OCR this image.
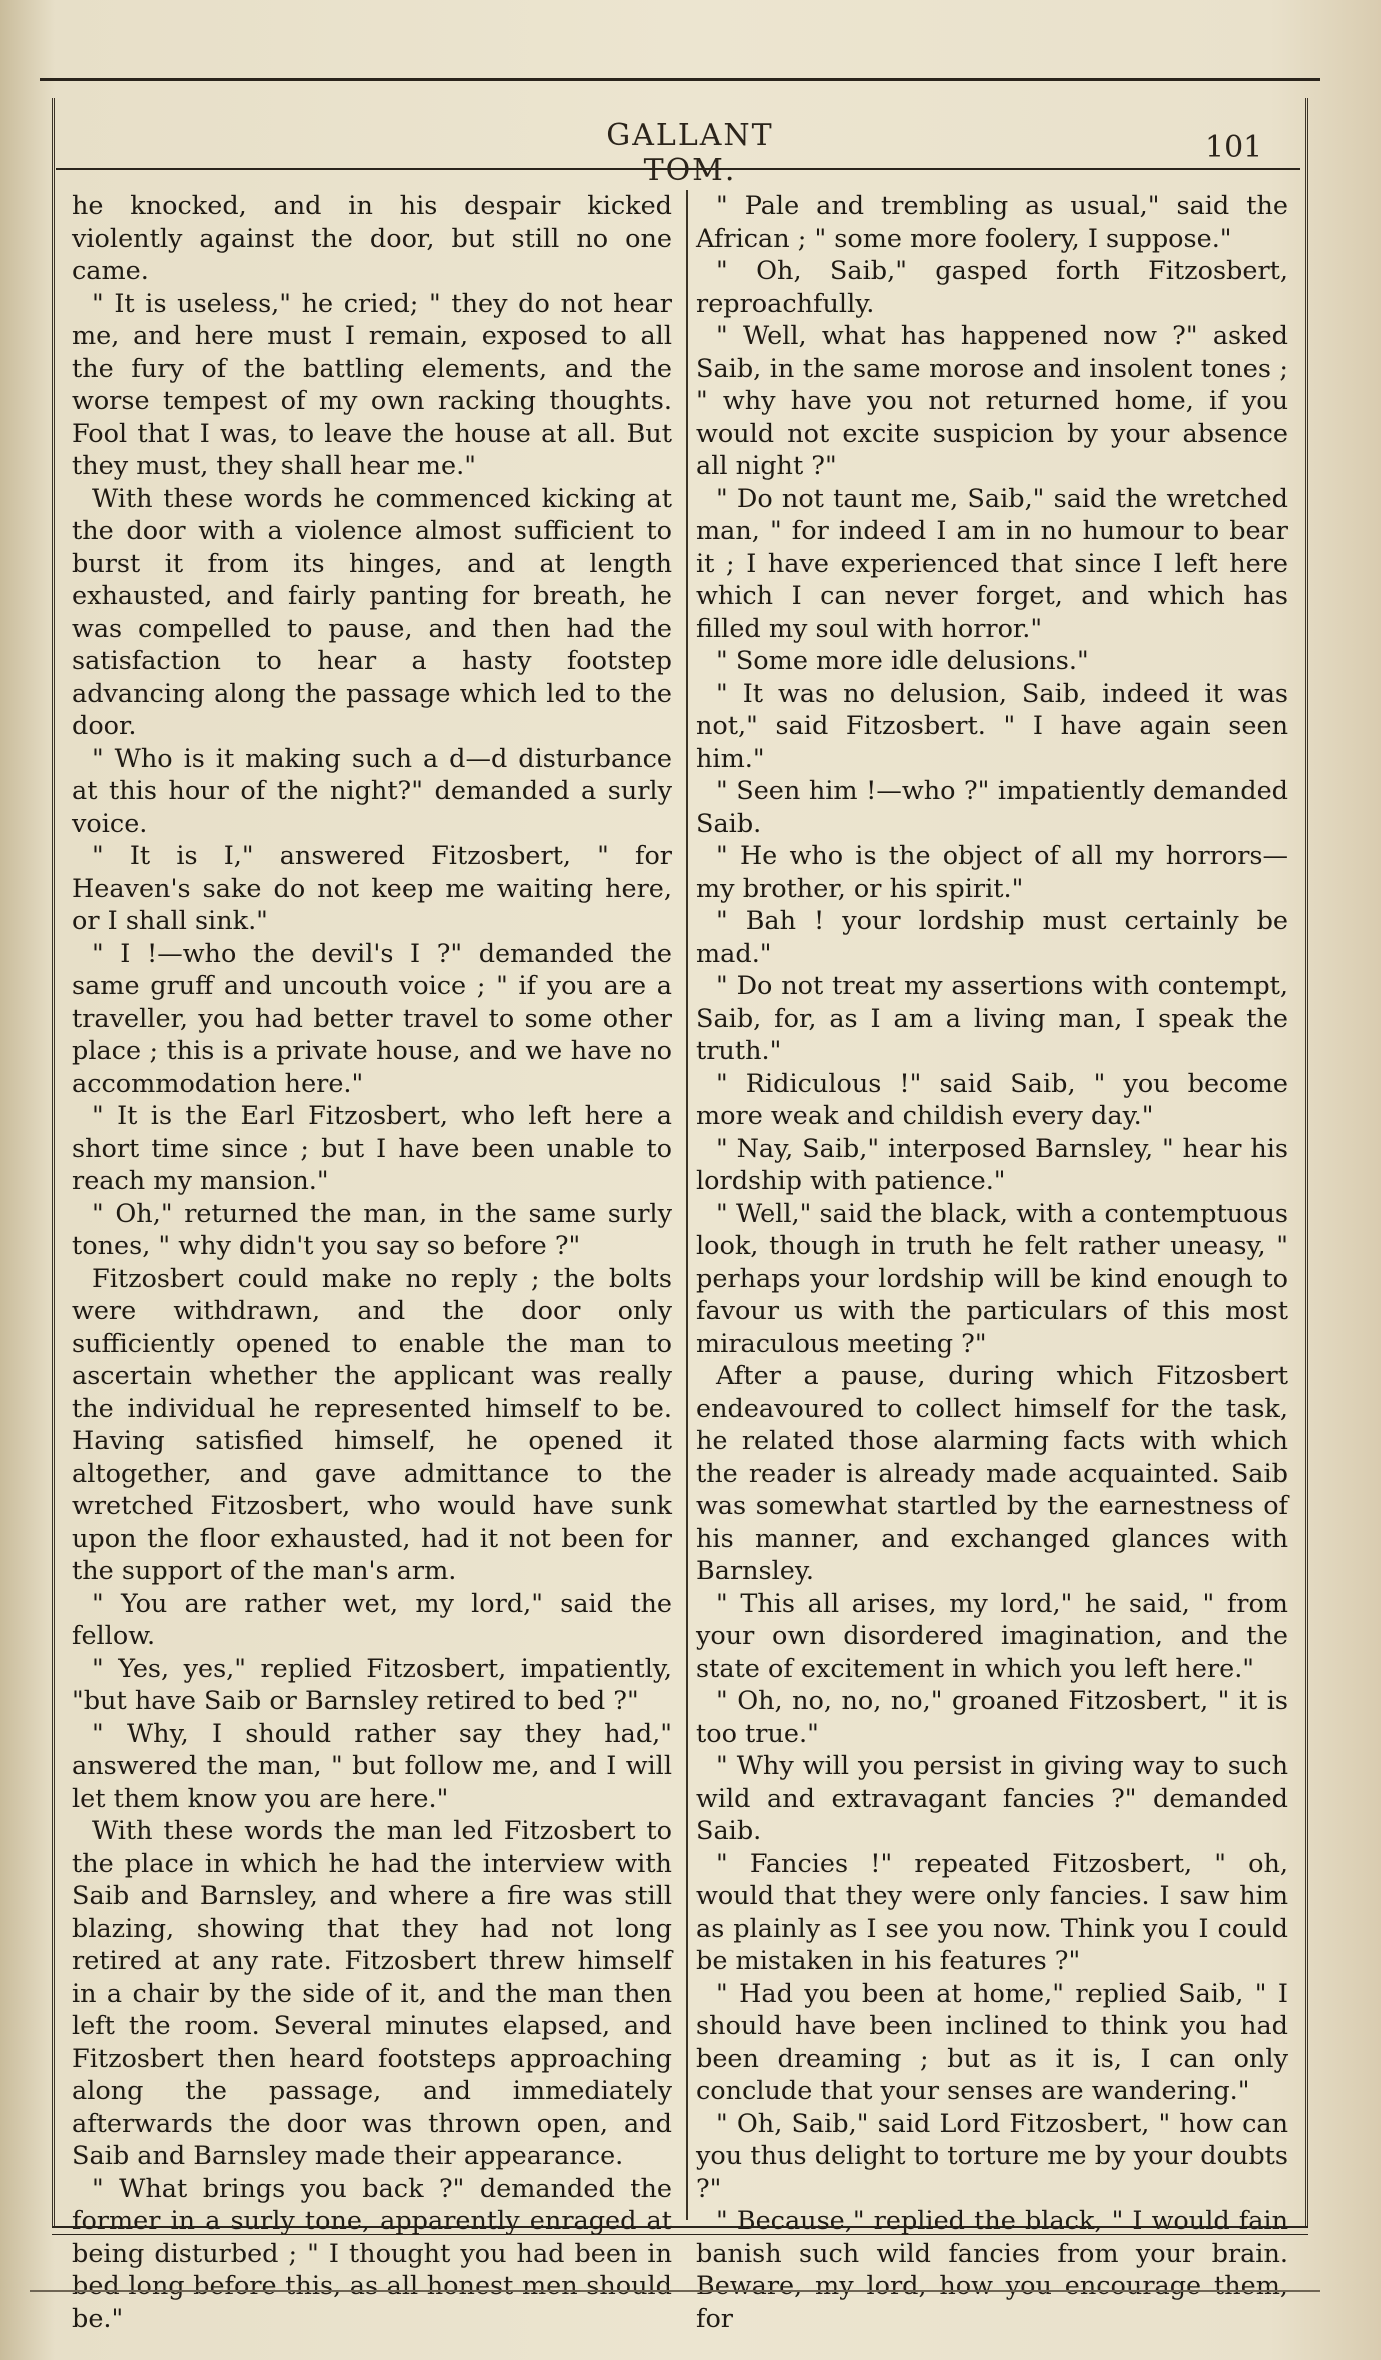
GALLANT TOM.
101

he knocked, and in his despair kicked violently against the door, but still no one came.

" It is useless," he cried; " they do not hear me, and here must I remain, exposed to all the fury of the battling elements, and the worse tempest of my own racking thoughts. Fool that I was, to leave the house at all. But they must, they shall hear me."

With these words he commenced kicking at the door with a violence almost sufficient to burst it from its hinges, and at length exhausted, and fairly panting for breath, he was compelled to pause, and then had the satisfaction to hear a hasty footstep advancing along the passage which led to the door.

" Who is it making such a d—d disturbance at this hour of the night?" demanded a surly voice.

" It is I," answered Fitzosbert, " for Heaven's sake do not keep me waiting here, or I shall sink."

" I !—who the devil's I ?" demanded the same gruff and uncouth voice ; " if you are a traveller, you had better travel to some other place ; this is a private house, and we have no accommodation here."

" It is the Earl Fitzosbert, who left here a short time since ; but I have been unable to reach my mansion."

" Oh," returned the man, in the same surly tones, " why didn't you say so before ?"

Fitzosbert could make no reply ; the bolts were withdrawn, and the door only sufficiently opened to enable the man to ascertain whether the applicant was really the individual he represented himself to be. Having satisfied himself, he opened it altogether, and gave admittance to the wretched Fitzosbert, who would have sunk upon the floor exhausted, had it not been for the support of the man's arm.

" You are rather wet, my lord," said the fellow.

" Yes, yes," replied Fitzosbert, impatiently, "but have Saib or Barnsley retired to bed ?"

" Why, I should rather say they had," answered the man, " but follow me, and I will let them know you are here."

With these words the man led Fitzosbert to the place in which he had the interview with Saib and Barnsley, and where a fire was still blazing, showing that they had not long retired at any rate. Fitzosbert threw himself in a chair by the side of it, and the man then left the room. Several minutes elapsed, and Fitzosbert then heard footsteps approaching along the passage, and immediately afterwards the door was thrown open, and Saib and Barnsley made their appearance.

" What brings you back ?" demanded the former in a surly tone, apparently enraged at being disturbed ; " I thought you had been in bed long before this, as all honest men should be."

" Pale and trembling as usual," said the African ; " some more foolery, I suppose."

" Oh, Saib," gasped forth Fitzosbert, reproachfully.

" Well, what has happened now ?" asked Saib, in the same morose and insolent tones ; " why have you not returned home, if you would not excite suspicion by your absence all night ?"

" Do not taunt me, Saib," said the wretched man, " for indeed I am in no humour to bear it ; I have experienced that since I left here which I can never forget, and which has filled my soul with horror."

" Some more idle delusions."

" It was no delusion, Saib, indeed it was not," said Fitzosbert. " I have again seen him."

" Seen him !—who ?" impatiently demanded Saib.

" He who is the object of all my horrors—my brother, or his spirit."

" Bah ! your lordship must certainly be mad."

" Do not treat my assertions with contempt, Saib, for, as I am a living man, I speak the truth."

" Ridiculous !" said Saib, " you become more weak and childish every day."

" Nay, Saib," interposed Barnsley, " hear his lordship with patience."

" Well," said the black, with a contemptuous look, though in truth he felt rather uneasy, " perhaps your lordship will be kind enough to favour us with the particulars of this most miraculous meeting ?"

After a pause, during which Fitzosbert endeavoured to collect himself for the task, he related those alarming facts with which the reader is already made acquainted. Saib was somewhat startled by the earnestness of his manner, and exchanged glances with Barnsley.

" This all arises, my lord," he said, " from your own disordered imagination, and the state of excitement in which you left here."

" Oh, no, no, no," groaned Fitzosbert, " it is too true."

" Why will you persist in giving way to such wild and extravagant fancies ?" demanded Saib.

" Fancies !" repeated Fitzosbert, " oh, would that they were only fancies. I saw him as plainly as I see you now. Think you I could be mistaken in his features ?"

" Had you been at home," replied Saib, " I should have been inclined to think you had been dreaming ; but as it is, I can only conclude that your senses are wandering."

" Oh, Saib," said Lord Fitzosbert, " how can you thus delight to torture me by your doubts ?"

" Because," replied the black, " I would fain banish such wild fancies from your brain. Beware, my lord, how you encourage them, for
